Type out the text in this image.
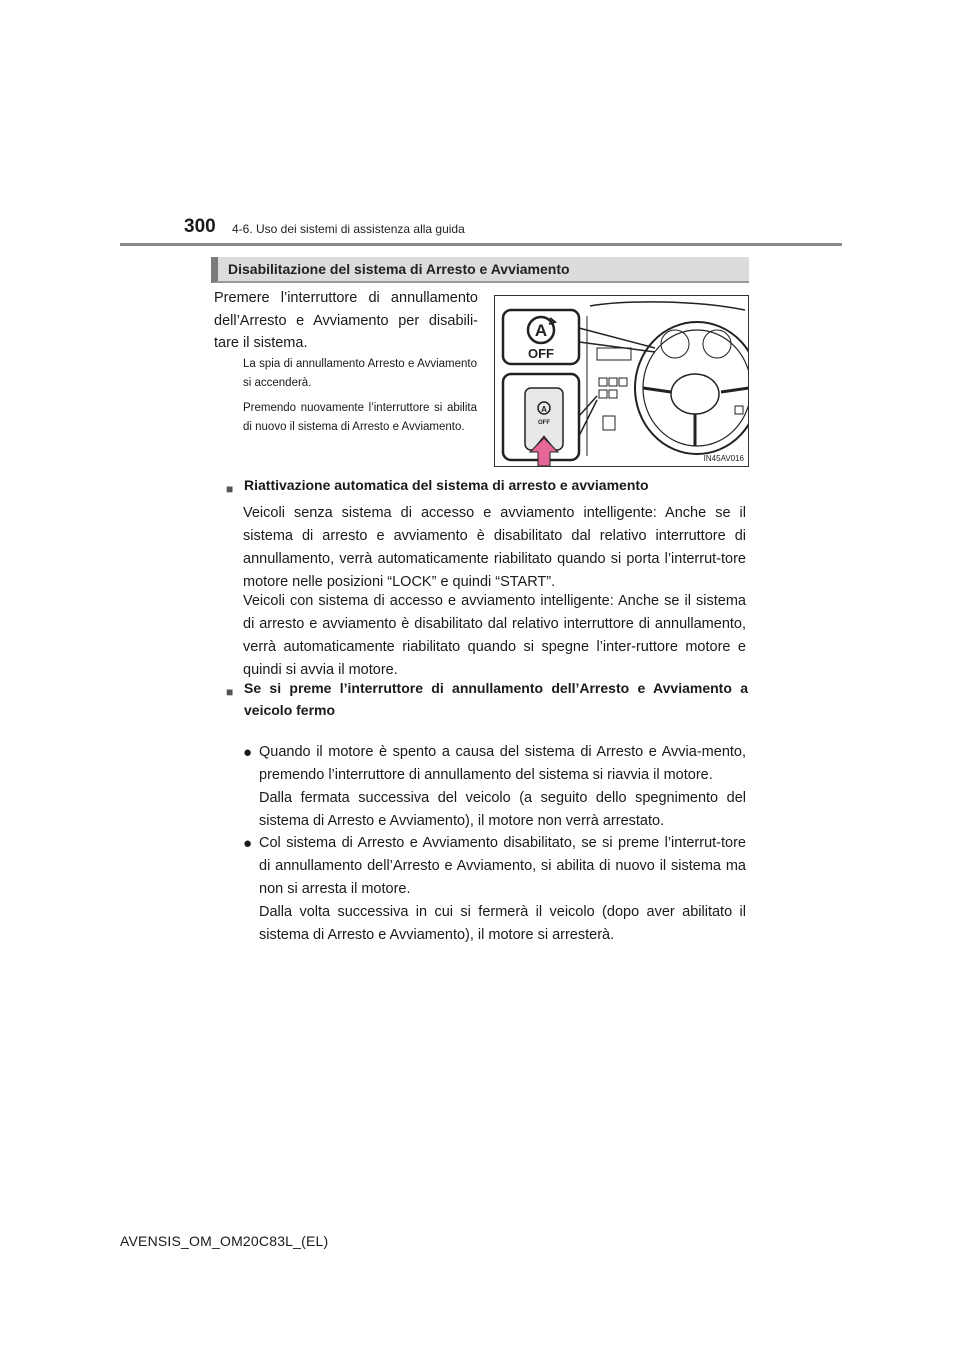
300 4-6. Uso dei sistemi di assistenza alla guida
Disabilitazione del sistema di Arresto e Avviamento
Premere l’interruttore di annullamento dell’Arresto e Avviamento per disabili-tare il sistema.
La spia di annullamento Arresto e Avviamento si accenderà.
Premendo nuovamente l’interruttore si abilita di nuovo il sistema di Arresto e Avviamento.
A
OFF
A
OFF
IN45AV016
■ Riattivazione automatica del sistema di arresto e avviamento
Veicoli senza sistema di accesso e avviamento intelligente: Anche se il sistema di arresto e avviamento è disabilitato dal relativo interruttore di annullamento, verrà automaticamente riabilitato quando si porta l’interrut-tore motore nelle posizioni “LOCK” e quindi “START”.
Veicoli con sistema di accesso e avviamento intelligente: Anche se il sistema di arresto e avviamento è disabilitato dal relativo interruttore di annullamento, verrà automaticamente riabilitato quando si spegne l’inter-ruttore motore e quindi si avvia il motore.
■ Se si preme l’interruttore di annullamento dell’Arresto e Avviamento a veicolo fermo
● Quando il motore è spento a causa del sistema di Arresto e Avvia-mento, premendo l’interruttore di annullamento del sistema si riavvia il motore.
Dalla fermata successiva del veicolo (a seguito dello spegnimento del sistema di Arresto e Avviamento), il motore non verrà arrestato.
● Col sistema di Arresto e Avviamento disabilitato, se si preme l’interrut-tore di annullamento dell’Arresto e Avviamento, si abilita di nuovo il sistema ma non si arresta il motore.
Dalla volta successiva in cui si fermerà il veicolo (dopo aver abilitato il sistema di Arresto e Avviamento), il motore si arresterà.
AVENSIS_OM_OM20C83L_(EL)
